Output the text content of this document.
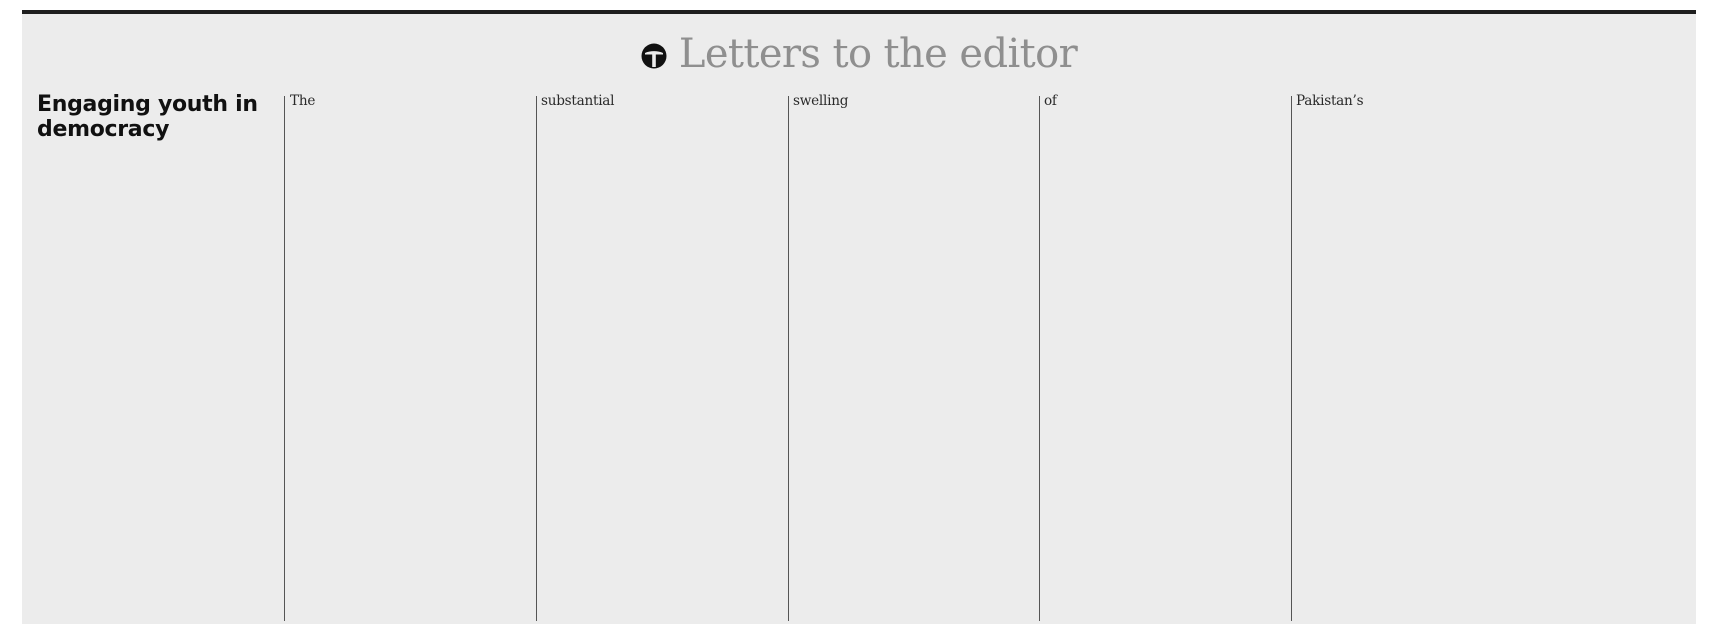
Letters to the editor
Engaging youth in democracy

The	substantial	swelling	of	Pakistan’s
